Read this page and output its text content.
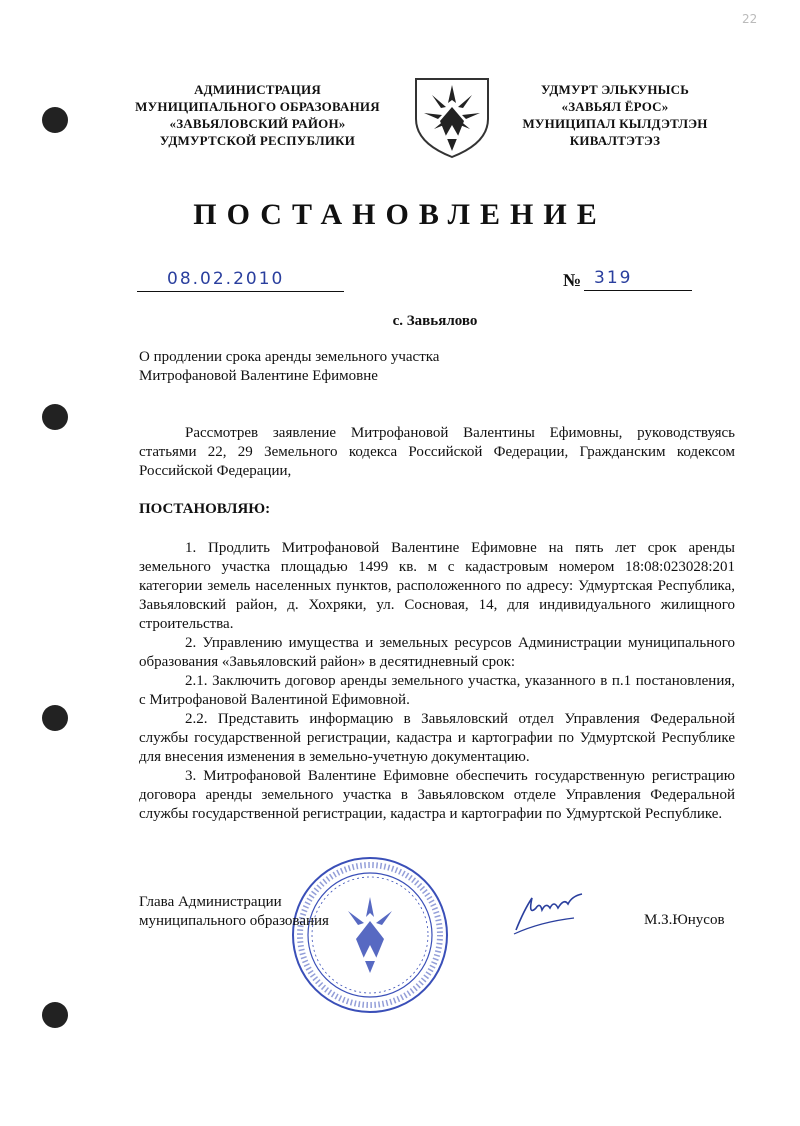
22
АДМИНИСТРАЦИЯ
МУНИЦИПАЛЬНОГО ОБРАЗОВАНИЯ
«ЗАВЬЯЛОВСКИЙ РАЙОН»
УДМУРТСКОЙ РЕСПУБЛИКИ
УДМУРТ ЭЛЬКУНЫСЬ
«ЗАВЬЯЛ ЁРОС»
МУНИЦИПАЛ КЫЛДЭТЛЭН
КИВАЛТЭТЭЗ
ПОСТАНОВЛЕНИЕ
08.02.2010	№ 319
с. Завьялово
О продлении срока аренды земельного участка
Митрофановой Валентине Ефимовне

Рассмотрев заявление Митрофановой Валентины Ефимовны, руководствуясь статьями 22, 29 Земельного кодекса Российской Федерации, Гражданским кодексом Российской Федерации,

ПОСТАНОВЛЯЮ:

1. Продлить Митрофановой Валентине Ефимовне на пять лет срок аренды земельного участка площадью 1499 кв. м с кадастровым номером 18:08:023028:201 категории земель населенных пунктов, расположенного по адресу: Удмуртская Республика, Завьяловский район, д. Хохряки, ул. Сосновая, 14, для индивидуального жилищного строительства.

2. Управлению имущества и земельных ресурсов Администрации муниципального образования «Завьяловский район» в десятидневный срок:

2.1. Заключить договор аренды земельного участка, указанного в п.1 постановления, с Митрофановой Валентиной Ефимовной.

2.2. Представить информацию в Завьяловский отдел Управления Федеральной службы государственной регистрации, кадастра и картографии по Удмуртской Республике для внесения изменения в земельно-учетную документацию.

3. Митрофановой Валентине Ефимовне обеспечить государственную регистрацию договора аренды земельного участка в Завьяловском отделе Управления Федеральной службы государственной регистрации, кадастра и картографии по Удмуртской Республике.

Глава Администрации
муниципального образования	М.З.Юнусов
